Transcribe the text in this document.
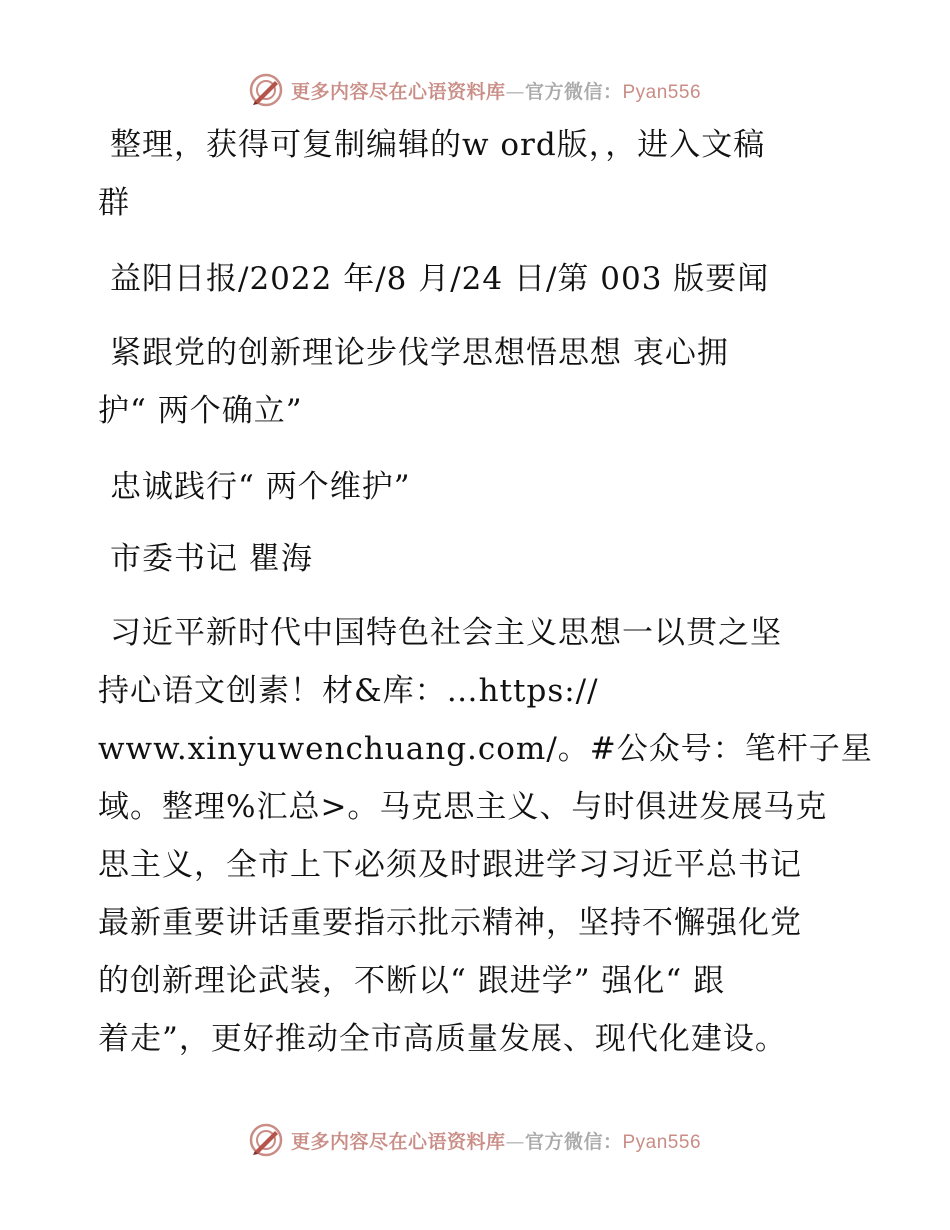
更多内容尽在心语资料库—官方微信：Pyan556
整理，获得可复制编辑的w ord版，，进入文稿
群
益阳日报/2022 年/8 月/24 日/第 003 版要闻
紧跟党的创新理论步伐学思想悟思想 衷心拥
护“ 两个确立”
忠诚践行“ 两个维护”
市委书记 瞿海
习近平新时代中国特色社会主义思想一以贯之坚
持心语文创素！材&库：…https://
www.xinyuwenchuang.com/。#公众号：笔杆子星
域。整理%汇总>。马克思主义、与时俱进发展马克
思主义，全市上下必须及时跟进学习习近平总书记
最新重要讲话重要指示批示精神，坚持不懈强化党
的创新理论武装，不断以“ 跟进学” 强化“ 跟
着走”，更好推动全市高质量发展、现代化建设。
更多内容尽在心语资料库—官方微信：Pyan556
